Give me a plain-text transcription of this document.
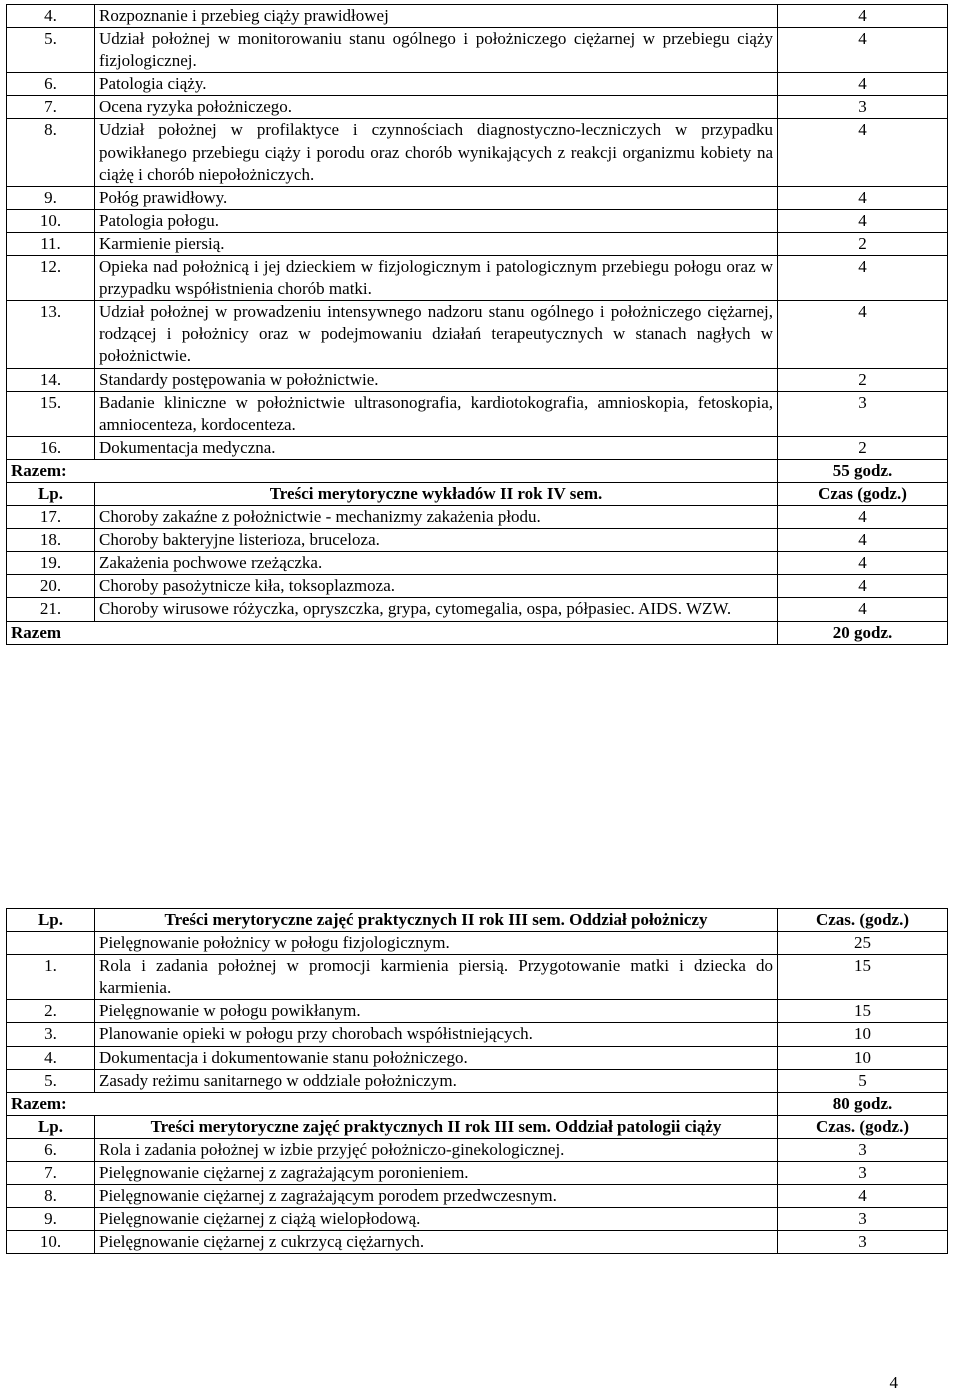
4.	Rozpoznanie i przebieg ciąży prawidłowej	4
5.	Udział położnej w monitorowaniu stanu ogólnego i położniczego ciężarnej w przebiegu ciąży fizjologicznej.	4
6.	Patologia ciąży.	4
7.	Ocena ryzyka położniczego.	3
8.	Udział położnej w profilaktyce i czynnościach diagnostyczno-leczniczych w przypadku powikłanego przebiegu ciąży i porodu oraz chorób wynikających z reakcji organizmu kobiety na ciążę i chorób niepołożniczych.	4
9.	Połóg prawidłowy.	4
10.	Patologia połogu.	4
11.	Karmienie piersią.	2
12.	Opieka nad położnicą i jej dzieckiem w fizjologicznym i patologicznym przebiegu połogu oraz w przypadku współistnienia chorób matki.	4
13.	Udział położnej w prowadzeniu intensywnego nadzoru stanu ogólnego i położniczego ciężarnej, rodzącej i położnicy oraz w podejmowaniu działań terapeutycznych w stanach nagłych w położnictwie.	4
14.	Standardy postępowania w położnictwie.	2
15.	Badanie kliniczne w położnictwie ultrasonografia, kardiotokografia, amnioskopia, fetoskopia, amniocenteza, kordocenteza.	3
16.	Dokumentacja medyczna.	2
Razem:		55 godz.
Lp.	Treści merytoryczne wykładów II rok IV sem.	Czas (godz.)
17.	Choroby zakaźne z położnictwie - mechanizmy zakażenia płodu.	4
18.	Choroby bakteryjne listerioza, bruceloza.	4
19.	Zakażenia pochwowe rzeżączka.	4
20.	Choroby pasożytnicze kiła, toksoplazmoza.	4
21.	Choroby wirusowe różyczka, opryszczka, grypa, cytomegalia, ospa, półpasiec. AIDS. WZW.	4
Razem		20 godz.
Lp.	Treści merytoryczne zajęć praktycznych II rok III sem. Oddział położniczy	Czas. (godz.)
	Pielęgnowanie położnicy w połogu fizjologicznym.	25
1.	Rola i zadania położnej w promocji karmienia piersią. Przygotowanie matki i dziecka do karmienia.	15
2.	Pielęgnowanie w połogu powikłanym.	15
3.	Planowanie opieki w połogu przy chorobach współistniejących.	10
4.	Dokumentacja i dokumentowanie stanu położniczego.	10
5.	Zasady reżimu sanitarnego w oddziale położniczym.	5
Razem:		80 godz.
Lp.	Treści merytoryczne zajęć praktycznych II rok III sem. Oddział patologii ciąży	Czas. (godz.)
6.	Rola i zadania położnej w izbie przyjęć położniczo-ginekologicznej.	3
7.	Pielęgnowanie ciężarnej z zagrażającym poronieniem.	3
8.	Pielęgnowanie ciężarnej z zagrażającym porodem przedwczesnym.	4
9.	Pielęgnowanie ciężarnej z ciążą wielopłodową.	3
10.	Pielęgnowanie ciężarnej z cukrzycą ciężarnych.	3
4
